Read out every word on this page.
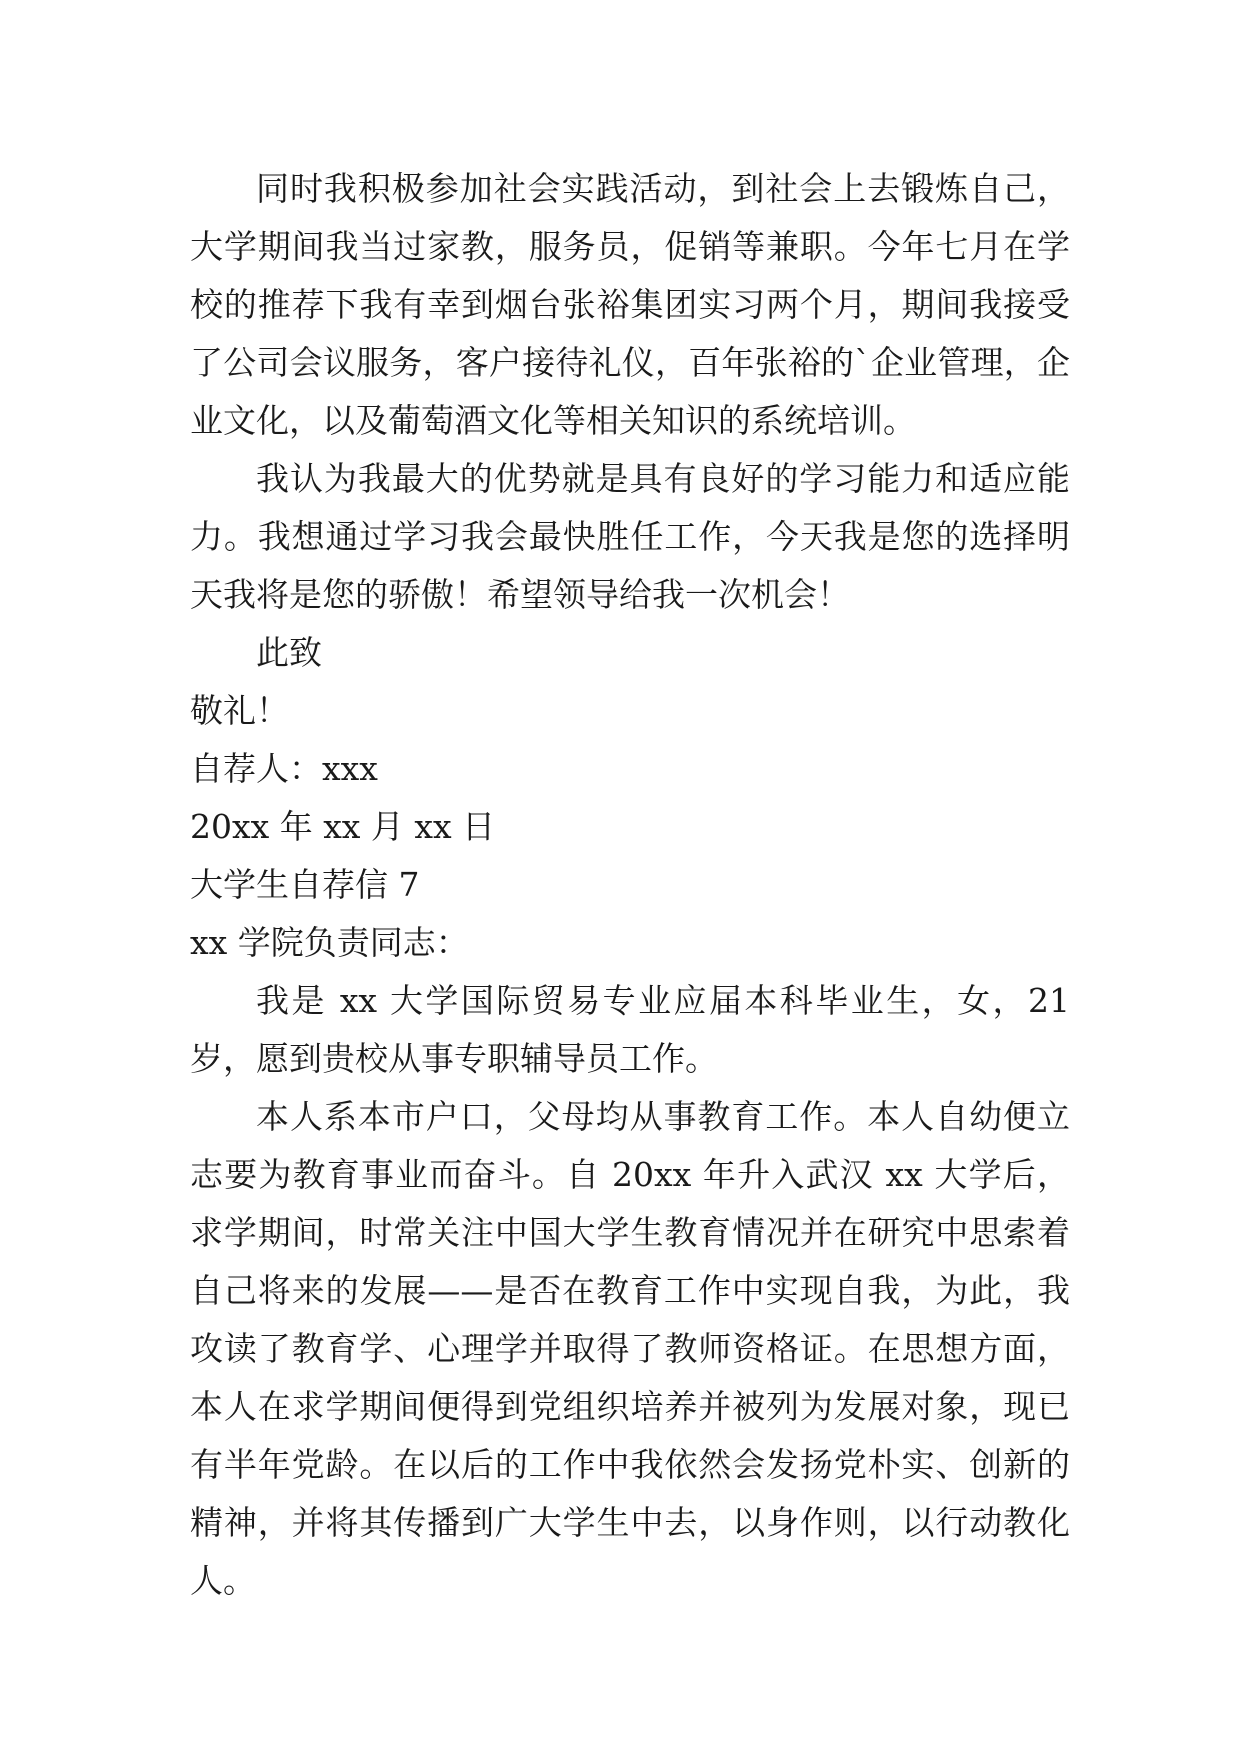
同时我积极参加社会实践活动，到社会上去锻炼自己，大学期间我当过家教，服务员，促销等兼职。今年七月在学校的推荐下我有幸到烟台张裕集团实习两个月，期间我接受了公司会议服务，客户接待礼仪，百年张裕的`企业管理，企业文化，以及葡萄酒文化等相关知识的系统培训。

我认为我最大的优势就是具有良好的学习能力和适应能力。我想通过学习我会最快胜任工作，今天我是您的选择明天我将是您的骄傲！希望领导给我一次机会！

此致

敬礼！

自荐人：xxx

20xx 年 xx 月 xx 日

大学生自荐信 7

xx 学院负责同志：

我是 xx 大学国际贸易专业应届本科毕业生，女，21 岁，愿到贵校从事专职辅导员工作。

本人系本市户口，父母均从事教育工作。本人自幼便立志要为教育事业而奋斗。自 20xx 年升入武汉 xx 大学后，求学期间，时常关注中国大学生教育情况并在研究中思索着自己将来的发展——是否在教育工作中实现自我，为此，我攻读了教育学、心理学并取得了教师资格证。在思想方面，本人在求学期间便得到党组织培养并被列为发展对象，现已有半年党龄。在以后的工作中我依然会发扬党朴实、创新的精神，并将其传播到广大学生中去，以身作则，以行动教化人。
